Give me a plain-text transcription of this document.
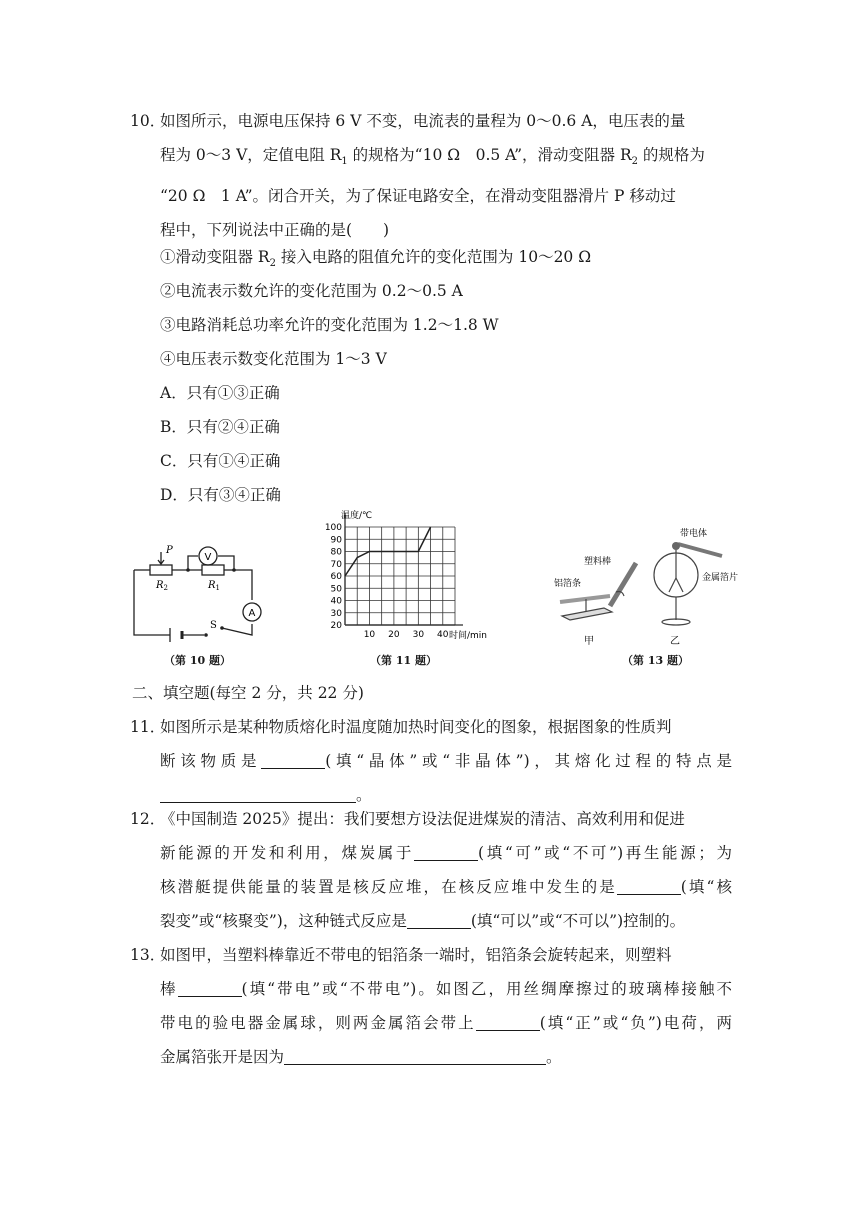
10．
如图所示，电源电压保持 6 V 不变，电流表的量程为 0～0.6 A，电压表的量
程为 0～3 V，定值电阻 $R_1$ 的规格为“10 Ω　0.5 A”，滑动变阻器 $R_2$ 的规格为
“20 Ω　1 A”。闭合开关，为了保证电路安全，在滑动变阻器滑片 P 移动过
程中，下列说法中正确的是(　　)
①滑动变阻器 $R_2$ 接入电路的阻值允许的变化范围为 10～20 Ω
②电流表示数允许的变化范围为 0.2～0.5 A
③电路消耗总功率允许的变化范围为 1.2～1.8 W
④电压表示数变化范围为 1～3 V
A．只有①③正确
B．只有②④正确
C．只有①④正确
D．只有③④正确
P
V
A
S
$R_2$	$R_1$
（第 10 题）
100
90
80
70
60
50
40
30
20
10 20 30 40
温度/℃
时间/min
（第 11 题）
塑料棒
铝箔条
甲
带电体
金属箔片
乙
（第 13 题）
二、填空题(每空 2 分，共 22 分)
11．
如图所示是某种物质熔化时温度随加热时间变化的图象，根据图象的性质判
断该物质是	(填“晶体”或“非晶体”)，其熔化过程的特点是
。
12．
《中国制造 2025》提出：我们要想方设法促进煤炭的清洁、高效利用和促进
新能源的开发和利用，煤炭属于	(填“可”或“不可”)再生能源；为
核潜艇提供能量的装置是核反应堆，在核反应堆中发生的是	(填“核
裂变”或“核聚变”)，这种链式反应是	(填“可以”或“不可以”)控制的。
13．
如图甲，当塑料棒靠近不带电的铝箔条一端时，铝箔条会旋转起来，则塑料
棒	(填“带电”或“不带电”)。如图乙，用丝绸摩擦过的玻璃棒接触不
带电的验电器金属球，则两金属箔会带上	(填“正”或“负”)电荷，两
金属箔张开是因为	。
